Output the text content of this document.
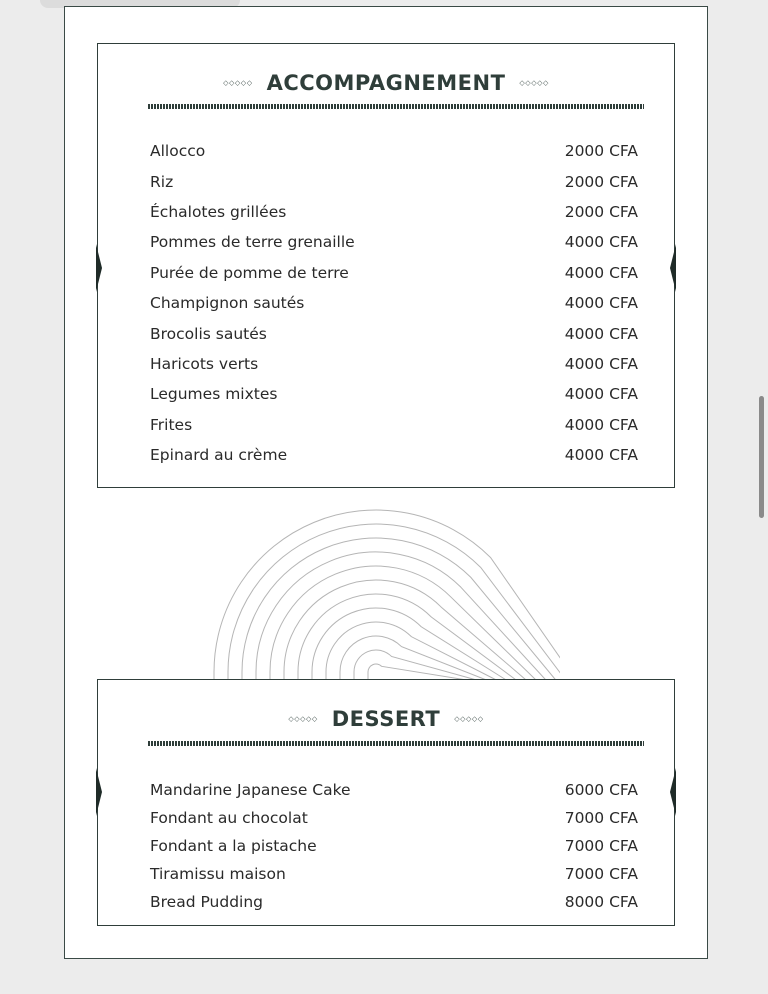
◇◇◇◇◇ ACCOMPAGNEMENT ◇◇◇◇◇
Allocco	2000 CFA
Riz	2000 CFA
Échalotes grillées	2000 CFA
Pommes de terre grenaille	4000 CFA
Purée de pomme de terre	4000 CFA
Champignon sautés	4000 CFA
Brocolis sautés	4000 CFA
Haricots verts	4000 CFA
Legumes mixtes	4000 CFA
Frites	4000 CFA
Epinard au crème	4000 CFA
◇◇◇◇◇ DESSERT ◇◇◇◇◇
Mandarine Japanese Cake	6000 CFA
Fondant au chocolat	7000 CFA
Fondant a la pistache	7000 CFA
Tiramissu maison	7000 CFA
Bread Pudding	8000 CFA
